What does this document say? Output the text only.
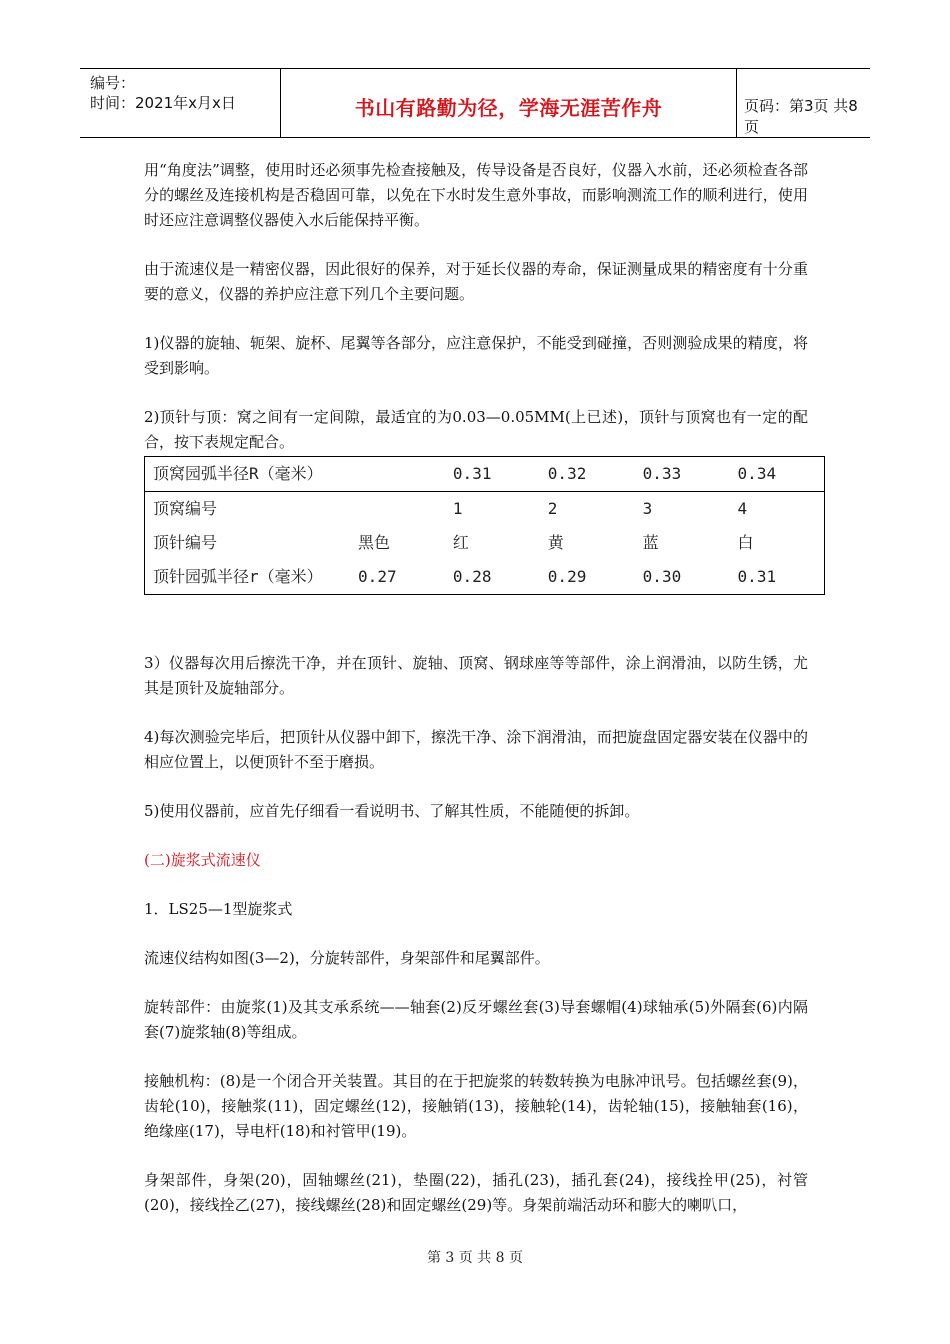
编号：
时间：2021年x月x日	书山有路勤为径，学海无涯苦作舟	页码：第3页 共8页

用“角度法”调整，使用时还必须事先检查接触及，传导设备是否良好，仪器入水前，还必须检查各部分的螺丝及连接机构是否稳固可靠，以免在下水时发生意外事故，而影响测流工作的顺利进行，使用时还应注意调整仪器使入水后能保持平衡。

由于流速仪是一精密仪器，因此很好的保养，对于延长仪器的寿命，保证测量成果的精密度有十分重要的意义，仪器的养护应注意下列几个主要问题。

1)仪器的旋轴、轭架、旋杯、尾翼等各部分，应注意保护，不能受到碰撞，否则测验成果的精度，将受到影响。

2)顶针与顶：窝之间有一定间隙，最适宜的为0.03—0.05MM(上已述)，顶针与顶窝也有一定的配合，按下表规定配合。

顶窝园弧半径R（毫米）		0.31	0.32	0.33	0.34
顶窝编号		1	2	3	4
顶针编号	黑色	红	黄	蓝	白
顶针园弧半径r（毫米）	0.27	0.28	0.29	0.30	0.31

3）仪器每次用后擦洗干净，并在顶针、旋轴、顶窝、钢球座等等部件，涂上润滑油，以防生锈，尤其是顶针及旋轴部分。

4)每次测验完毕后，把顶针从仪器中卸下，擦洗干净、涂下润滑油，而把旋盘固定器安装在仪器中的相应位置上，以便顶针不至于磨损。

5)使用仪器前，应首先仔细看一看说明书、了解其性质，不能随便的拆卸。

(二)旋浆式流速仪

1．LS25—1型旋浆式

流速仪结构如图(3—2)，分旋转部件，身架部件和尾翼部件。

旋转部件：由旋浆(1)及其支承系统——轴套(2)反牙螺丝套(3)导套螺帽(4)球轴承(5)外隔套(6)内隔套(7)旋浆轴(8)等组成。

接触机构：(8)是一个闭合开关装置。其目的在于把旋浆的转数转换为电脉冲讯号。包括螺丝套(9)，齿轮(10)，接触浆(11)，固定螺丝(12)，接触销(13)，接触轮(14)，齿轮轴(15)，接触轴套(16)，绝缘座(17)，导电杆(18)和衬管甲(19)。

身架部件，身架(20)，固轴螺丝(21)，垫圈(22)，插孔(23)，插孔套(24)，接线拴甲(25)，衬管(20)，接线拴乙(27)，接线螺丝(28)和固定螺丝(29)等。身架前端活动环和膨大的喇叭口，

第 3 页 共 8 页
